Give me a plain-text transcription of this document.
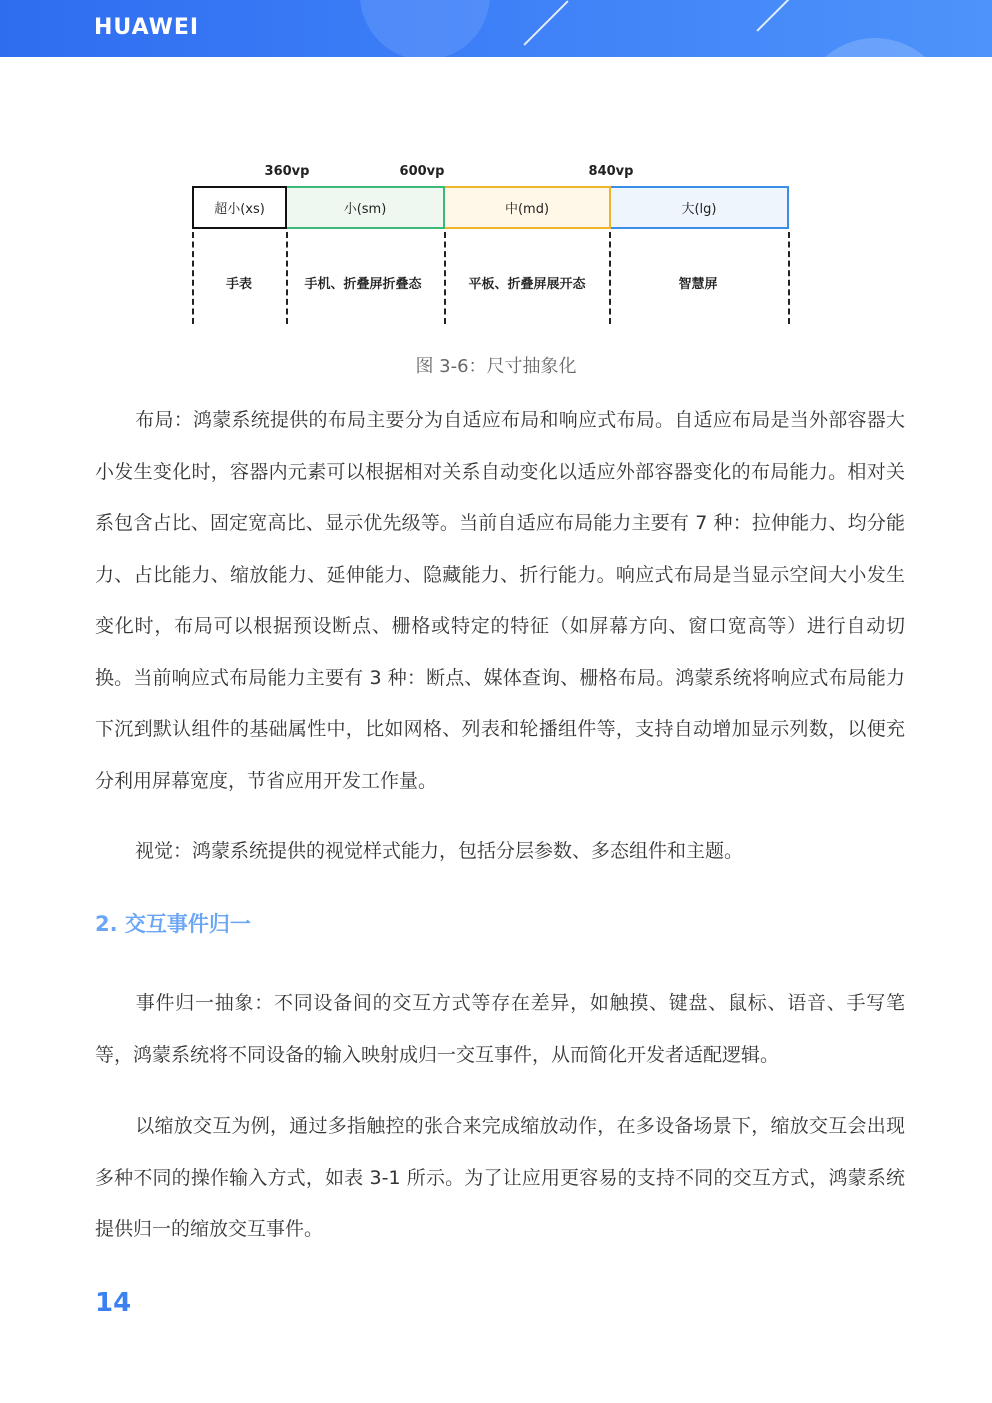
HUAWEI
360vp	600vp	840vp
超小(xs)	小(sm)	中(md)	大(lg)
手表	手机、折叠屏折叠态	平板、折叠屏展开态	智慧屏
图 3-6：尺寸抽象化
布局：鸿蒙系统提供的布局主要分为自适应布局和响应式布局。自适应布局是当外部容器大小发生变化时，容器内元素可以根据相对关系自动变化以适应外部容器变化的布局能力。相对关系包含占比、固定宽高比、显示优先级等。当前自适应布局能力主要有 7 种：拉伸能力、均分能力、占比能力、缩放能力、延伸能力、隐藏能力、折行能力。响应式布局是当显示空间大小发生变化时，布局可以根据预设断点、栅格或特定的特征（如屏幕方向、窗口宽高等）进行自动切换。当前响应式布局能力主要有 3 种：断点、媒体查询、栅格布局。鸿蒙系统将响应式布局能力下沉到默认组件的基础属性中，比如网格、列表和轮播组件等，支持自动增加显示列数，以便充分利用屏幕宽度，节省应用开发工作量。
视觉：鸿蒙系统提供的视觉样式能力，包括分层参数、多态组件和主题。
2. 交互事件归一
事件归一抽象：不同设备间的交互方式等存在差异，如触摸、键盘、鼠标、语音、手写笔等，鸿蒙系统将不同设备的输入映射成归一交互事件，从而简化开发者适配逻辑。
以缩放交互为例，通过多指触控的张合来完成缩放动作，在多设备场景下，缩放交互会出现多种不同的操作输入方式，如表 3-1 所示。为了让应用更容易的支持不同的交互方式，鸿蒙系统提供归一的缩放交互事件。
14
